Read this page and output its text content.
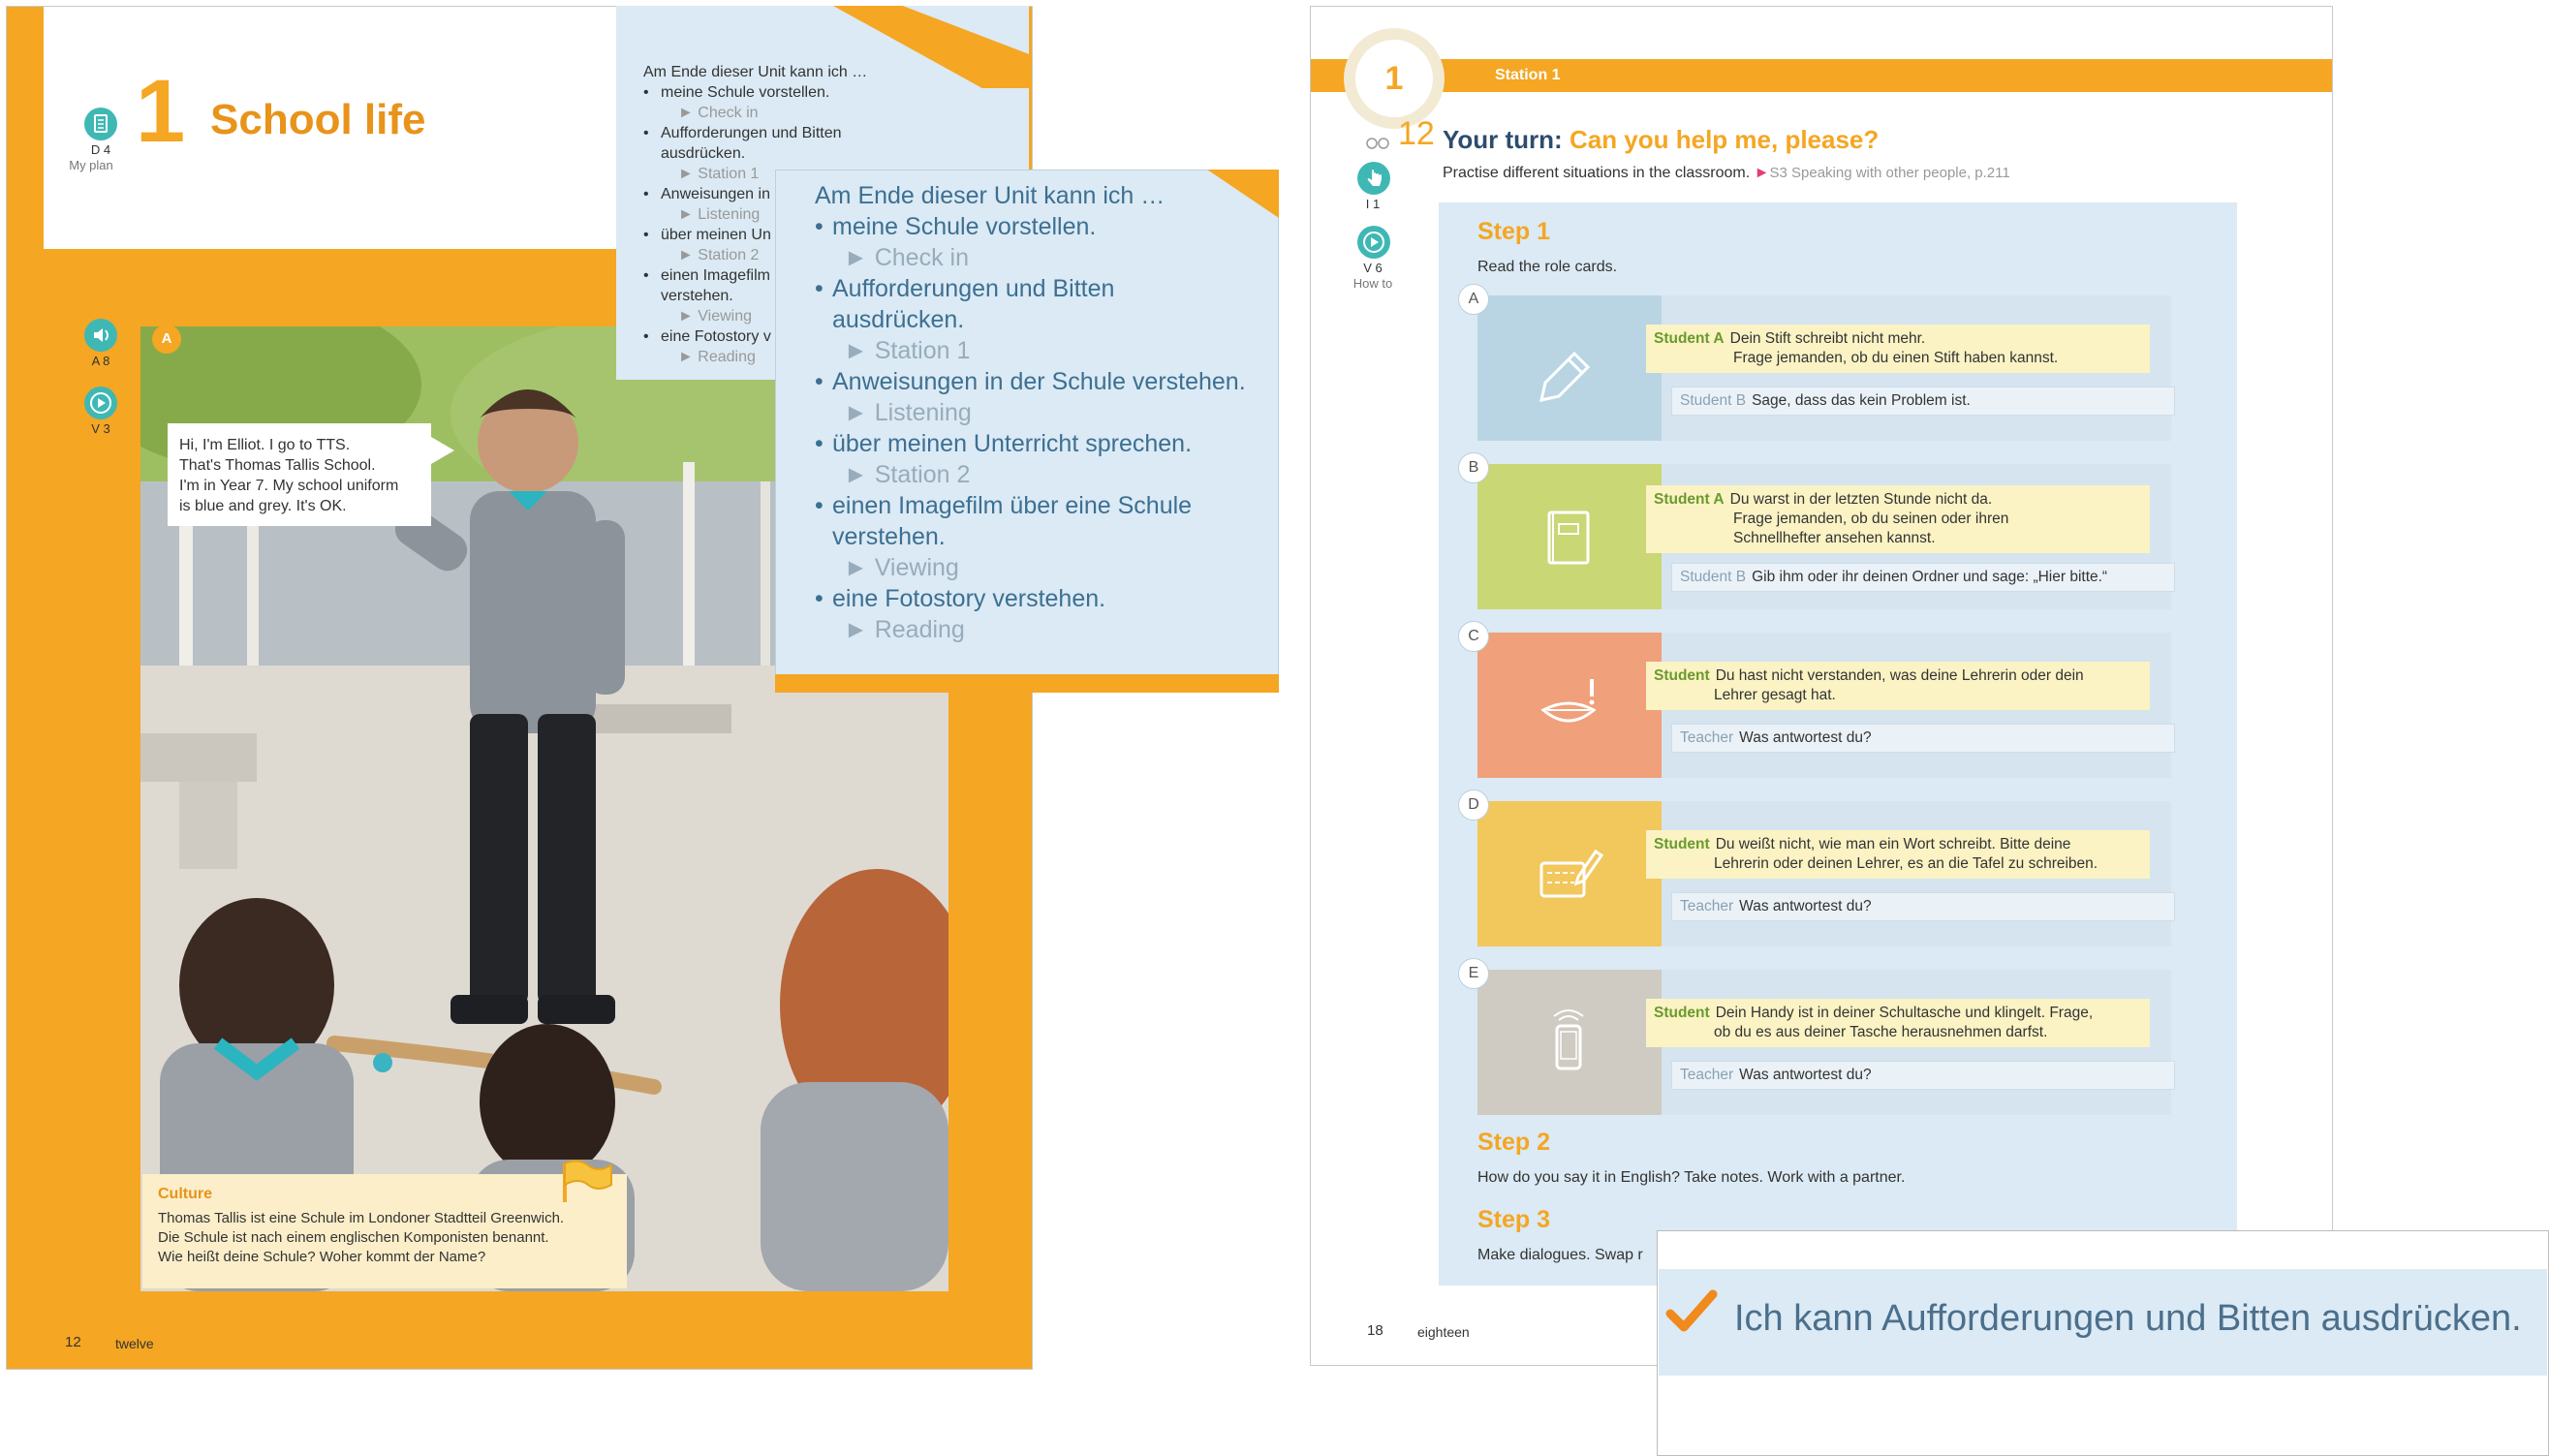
1 School life
D 4
My plan
A 8
V 3
A
Hi, I'm Elliot. I go to TTS.
That's Thomas Tallis School.
I'm in Year 7. My school uniform
is blue and grey. It's OK.
Culture
Thomas Tallis ist eine Schule im Londoner Stadtteil Greenwich.
Die Schule ist nach einem englischen Komponisten benannt.
Wie heißt deine Schule? Woher kommt der Name?
12	twelve
Am Ende dieser Unit kann ich …
• meine Schule vorstellen.
► Check in
• Aufforderungen und Bitten
ausdrücken.
► Station 1
• Anweisungen in
► Listening
• über meinen Un
► Station 2
• einen Imagefilm
verstehen.
► Viewing
• eine Fotostory v
► Reading
Am Ende dieser Unit kann ich …
• meine Schule vorstellen.
► Check in
• Aufforderungen und Bitten
ausdrücken.
► Station 1
• Anweisungen in der Schule verstehen.
► Listening
• über meinen Unterricht sprechen.
► Station 2
• einen Imagefilm über eine Schule
verstehen.
► Viewing
• eine Fotostory verstehen.
► Reading
1	Station 1
12 Your turn: Can you help me, please?
Practise different situations in the classroom. ►S3 Speaking with other people, p.211
I 1
V 6
How to
Step 1
Read the role cards.
A
Student A Dein Stift schreibt nicht mehr.
Frage jemanden, ob du einen Stift haben kannst.
Student B Sage, dass das kein Problem ist.
B
Student A Du warst in der letzten Stunde nicht da.
Frage jemanden, ob du seinen oder ihren
Schnellhefter ansehen kannst.
Student B Gib ihm oder ihr deinen Ordner und sage: „Hier bitte.“
C
Student Du hast nicht verstanden, was deine Lehrerin oder dein
Lehrer gesagt hat.
Teacher Was antwortest du?
D
Student Du weißt nicht, wie man ein Wort schreibt. Bitte deine
Lehrerin oder deinen Lehrer, es an die Tafel zu schreiben.
Teacher Was antwortest du?
E
Student Dein Handy ist in deiner Schultasche und klingelt. Frage,
ob du es aus deiner Tasche herausnehmen darfst.
Teacher Was antwortest du?
Step 2
How do you say it in English? Take notes. Work with a partner.
Step 3
Make dialogues. Swap r
18	eighteen	Ich kann Aufforderungen und Bitten ausdrücken.
